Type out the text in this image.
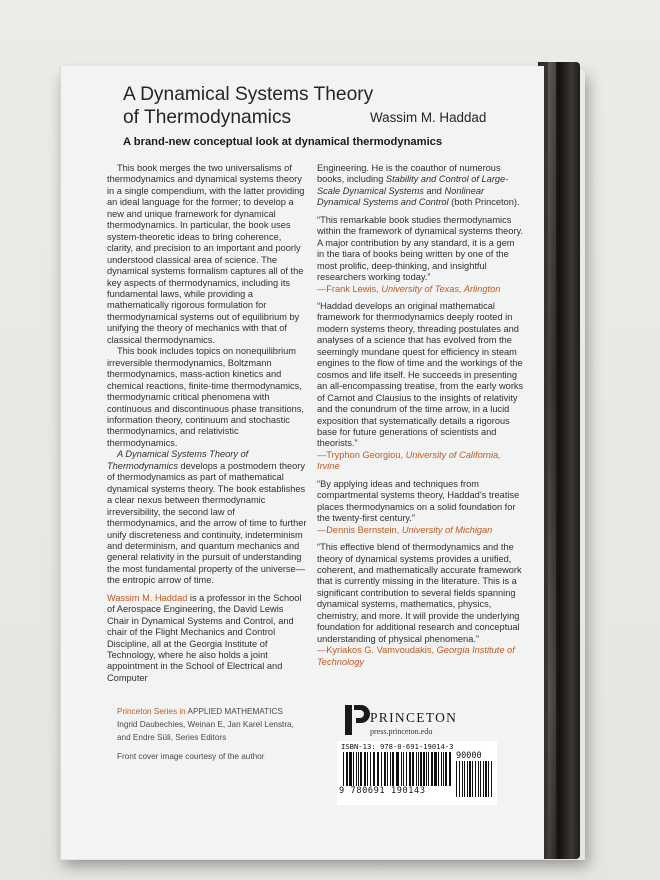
A Dynamical Systems Theory
of Thermodynamics	Wassim M. Haddad
A brand-new conceptual look at dynamical thermodynamics

This book merges the two universalisms of thermodynamics and dynamical systems theory in a single compendium, with the latter providing an ideal language for the former; to develop a new and unique framework for dynamical thermodynamics. In particular, the book uses system-theoretic ideas to bring coherence, clarity, and precision to an important and poorly understood classical area of science. The dynamical systems formalism captures all of the key aspects of thermodynamics, including its fundamental laws, while providing a mathematically rigorous formulation for thermodynamical systems out of equilibrium by unifying the theory of mechanics with that of classical thermodynamics.

This book includes topics on nonequilibrium irreversible thermodynamics, Boltzmann thermodynamics, mass-action kinetics and chemical reactions, finite-time thermodynamics, thermodynamic critical phenomena with continuous and discontinuous phase transitions, information theory, continuum and stochastic thermodynamics, and relativistic thermodynamics.

A Dynamical Systems Theory of Thermodynamics develops a postmodern theory of thermodynamics as part of mathematical dynamical systems theory. The book establishes a clear nexus between thermodynamic irreversibility, the second law of thermodynamics, and the arrow of time to further unify discreteness and continuity, indeterminism and determinism, and quantum mechanics and general relativity in the pursuit of understanding the most fundamental property of the universe—the entropic arrow of time.

Wassim M. Haddad is a professor in the School of Aerospace Engineering, the David Lewis Chair in Dynamical Systems and Control, and chair of the Flight Mechanics and Control Discipline, all at the Georgia Institute of Technology, where he also holds a joint appointment in the School of Electrical and Computer

Engineering. He is the coauthor of numerous books, including Stability and Control of Large-Scale Dynamical Systems and Nonlinear Dynamical Systems and Control (both Princeton).

“This remarkable book studies thermodynamics within the framework of dynamical systems theory. A major contribution by any standard, it is a gem in the tiara of books being written by one of the most prolific, deep-thinking, and insightful researchers working today.”

—Frank Lewis, University of Texas, Arlington

“Haddad develops an original mathematical framework for thermodynamics deeply rooted in modern systems theory, threading postulates and analyses of a science that has evolved from the seemingly mundane quest for efficiency in steam engines to the flow of time and the workings of the cosmos and life itself. He succeeds in presenting an all-encompassing treatise, from the early works of Carnot and Clausius to the insights of relativity and the conundrum of the time arrow, in a lucid exposition that systematically details a rigorous base for future generations of scientists and theorists.”

—Tryphon Georgiou, University of California, Irvine

“By applying ideas and techniques from compartmental systems theory, Haddad’s treatise places thermodynamics on a solid foundation for the twenty-first century.”

—Dennis Bernstein, University of Michigan

“This effective blend of thermodynamics and the theory of dynamical systems provides a unified, coherent, and mathematically accurate framework that is currently missing in the literature. This is a significant contribution to several fields spanning dynamical systems, mathematics, physics, chemistry, and more. It will provide the underlying foundation for additional research and conceptual understanding of physical phenomena.”

—Kyriakos G. Vamvoudakis, Georgia Institute of Technology

Princeton Series in APPLIED MATHEMATICS

Ingrid Daubechies, Weinan E, Jan Karel Lenstra,

and Endre Süli, Series Editors

Front cover image courtesy of the author
PRINCETON
press.princeton.edu
ISBN-13: 978-0-691-19014-3
90000
9 780691 190143
